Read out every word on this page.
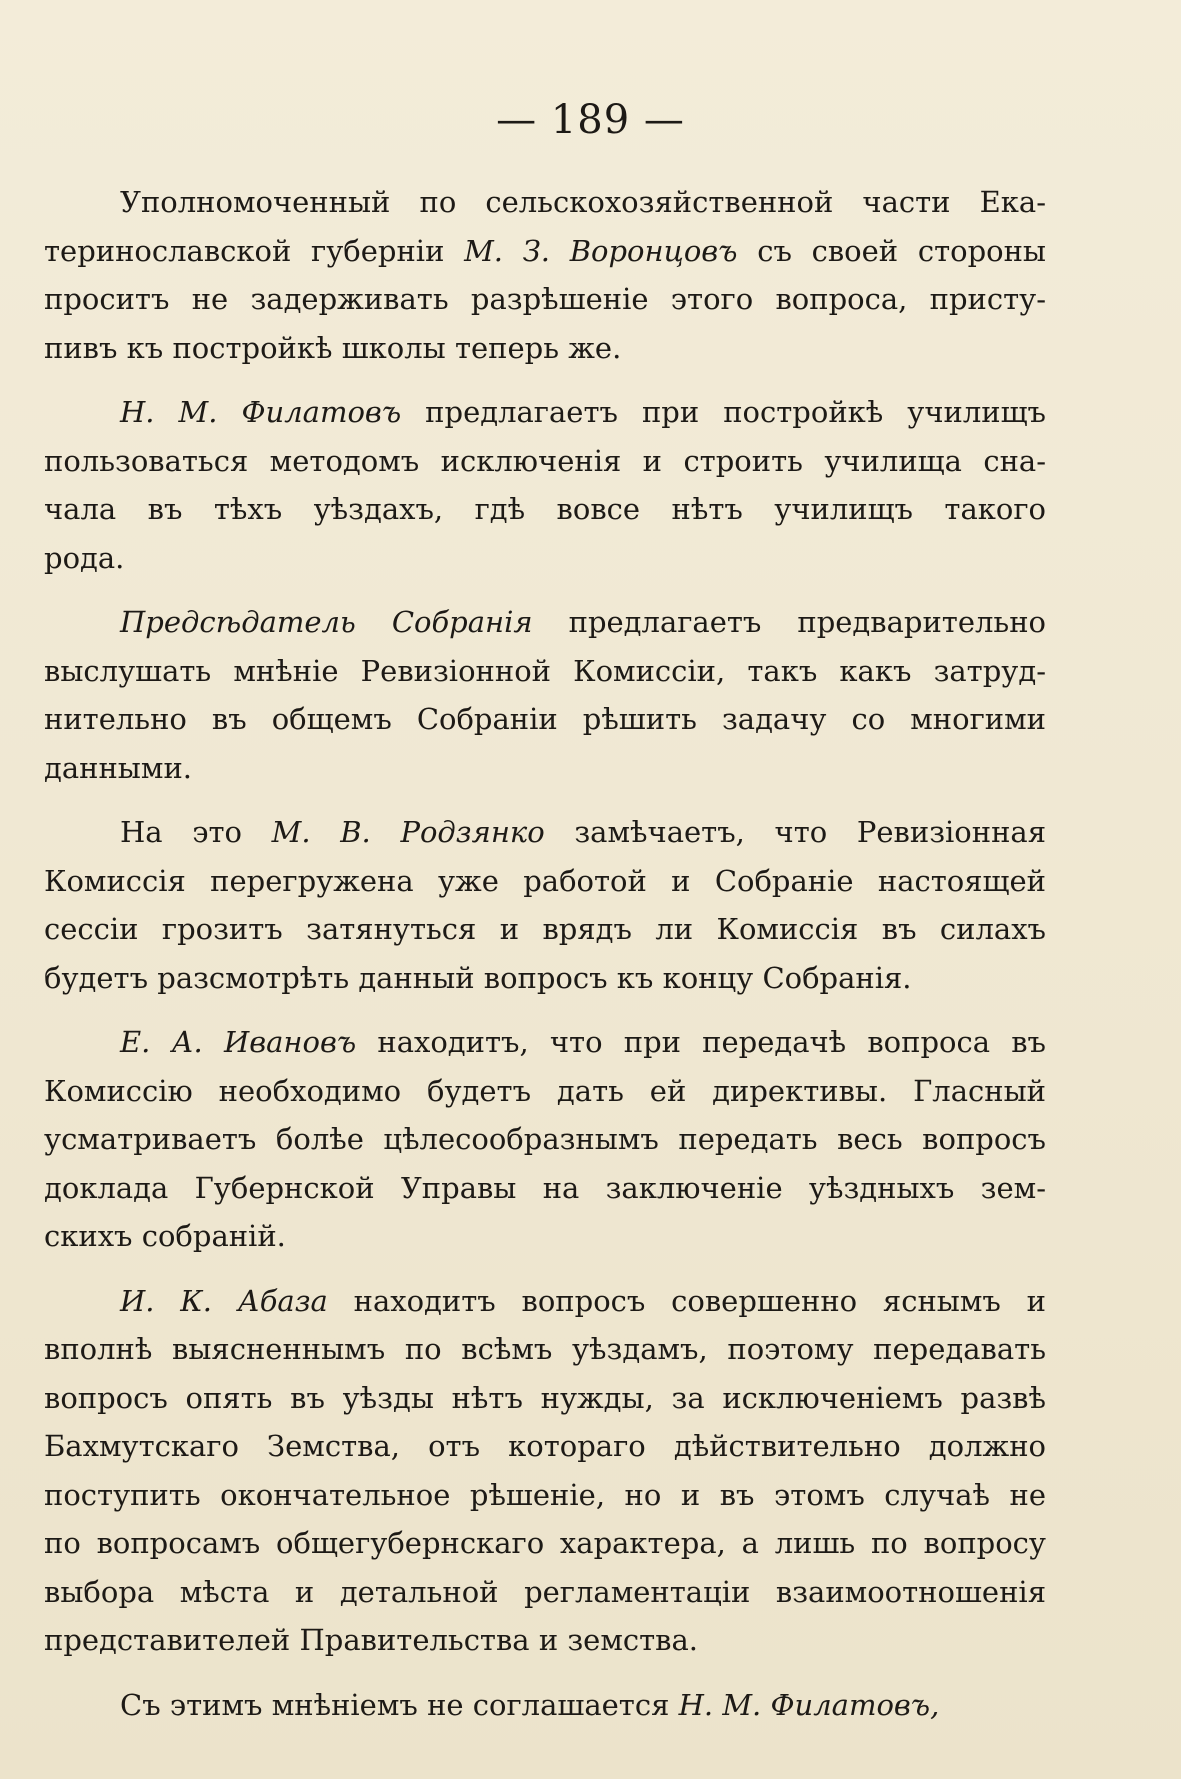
— 189 —
Уполномоченный по сельскохозяйственной части Ека-
теринославской губерніи М. З. Воронцовъ съ своей стороны
проситъ не задерживать разрѣшеніе этого вопроса, присту-
пивъ къ постройкѣ школы теперь же.
Н. М. Филатовъ предлагаетъ при постройкѣ училищъ
пользоваться методомъ исключенія и строить училища сна-
чала въ тѣхъ уѣздахъ, гдѣ вовсе нѣтъ училищъ такого
рода.
Предсѣдатель Собранія предлагаетъ предварительно
выслушать мнѣніе Ревизіонной Комиссіи, такъ какъ затруд-
нительно въ общемъ Собраніи рѣшить задачу со многими
данными.
На это М. В. Родзянко замѣчаетъ, что Ревизіонная
Комиссія перегружена уже работой и Собраніе настоящей
сессіи грозитъ затянуться и врядъ ли Комиссія въ силахъ
будетъ разсмотрѣть данный вопросъ къ концу Собранія.
Е. А. Ивановъ находитъ, что при передачѣ вопроса въ
Комиссію необходимо будетъ дать ей директивы. Гласный
усматриваетъ болѣе цѣлесообразнымъ передать весь вопросъ
доклада Губернской Управы на заключеніе уѣздныхъ зем-
скихъ собраній.
И. К. Абаза находитъ вопросъ совершенно яснымъ и
вполнѣ выясненнымъ по всѣмъ уѣздамъ, поэтому передавать
вопросъ опять въ уѣзды нѣтъ нужды, за исключеніемъ развѣ
Бахмутскаго Земства, отъ котораго дѣйствительно должно
поступить окончательное рѣшеніе, но и въ этомъ случаѣ не
по вопросамъ общегубернскаго характера, а лишь по вопросу
выбора мѣста и детальной регламентаціи взаимоотношенія
представителей Правительства и земства.
Съ этимъ мнѣніемъ не соглашается Н. М. Филатовъ,
